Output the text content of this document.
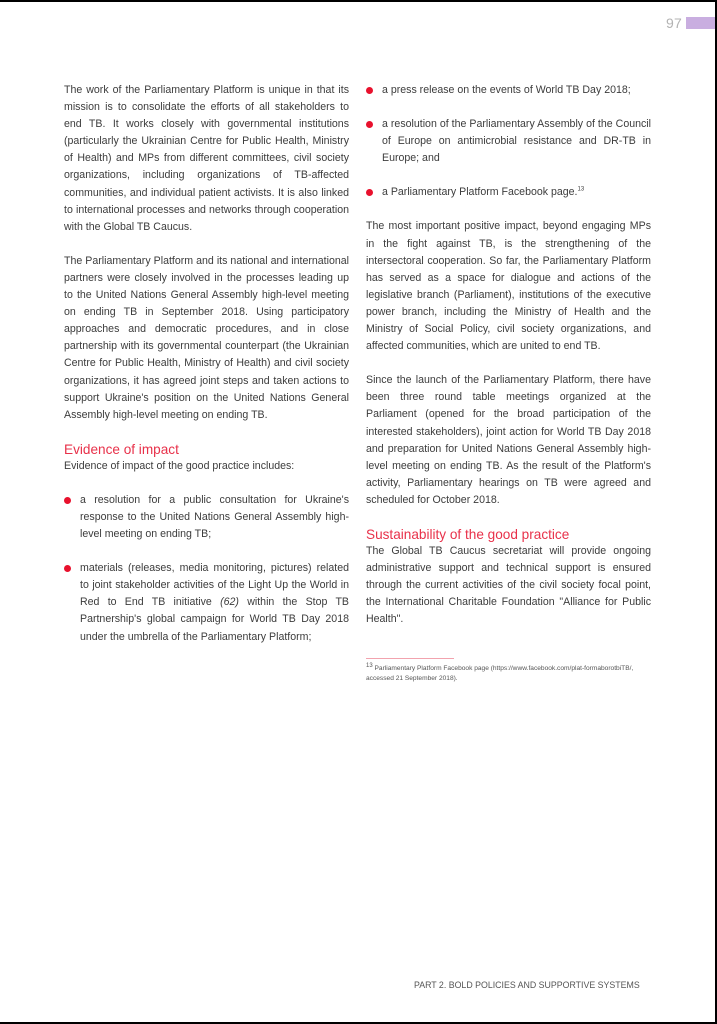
97

The work of the Parliamentary Platform is unique in that its mission is to consolidate the efforts of all stakeholders to end TB. It works closely with governmental institutions (particularly the Ukrainian Centre for Public Health, Ministry of Health) and MPs from different committees, civil society organizations, including organizations of TB-affected communities, and individual patient activists. It is also linked to international processes and networks through cooperation with the Global TB Caucus.

The Parliamentary Platform and its national and international partners were closely involved in the processes leading up to the United Nations General Assembly high-level meeting on ending TB in September 2018. Using participatory approaches and democratic procedures, and in close partnership with its governmental counterpart (the Ukrainian Centre for Public Health, Ministry of Health) and civil society organizations, it has agreed joint steps and taken actions to support Ukraine's position on the United Nations General Assembly high-level meeting on ending TB.

Evidence of impact

Evidence of impact of the good practice includes:

a resolution for a public consultation for Ukraine's response to the United Nations General Assembly high-level meeting on ending TB;
materials (releases, media monitoring, pictures) related to joint stakeholder activities of the Light Up the World in Red to End TB initiative (62) within the Stop TB Partnership's global campaign for World TB Day 2018 under the umbrella of the Parliamentary Platform;
a press release on the events of World TB Day 2018;
a resolution of the Parliamentary Assembly of the Council of Europe on antimicrobial resistance and DR-TB in Europe; and
a Parliamentary Platform Facebook page.$^{13}$

The most important positive impact, beyond engaging MPs in the fight against TB, is the strengthening of the intersectoral cooperation. So far, the Parliamentary Platform has served as a space for dialogue and actions of the legislative branch (Parliament), institutions of the executive power branch, including the Ministry of Health and the Ministry of Social Policy, civil society organizations, and affected communities, which are united to end TB.

Since the launch of the Parliamentary Platform, there have been three round table meetings organized at the Parliament (opened for the broad participation of the interested stakeholders), joint action for World TB Day 2018 and preparation for United Nations General Assembly high-level meeting on ending TB. As the result of the Platform's activity, Parliamentary hearings on TB were agreed and scheduled for October 2018.

Sustainability of the good practice

The Global TB Caucus secretariat will provide ongoing administrative support and technical support is ensured through the current activities of the civil society focal point, the International Charitable Foundation "Alliance for Public Health".

$^{13}$ Parliamentary Platform Facebook page (https://www.facebook.com/plat-formaborotbiTB/, accessed 21 September 2018).
PART 2. BOLD POLICIES AND SUPPORTIVE SYSTEMS
